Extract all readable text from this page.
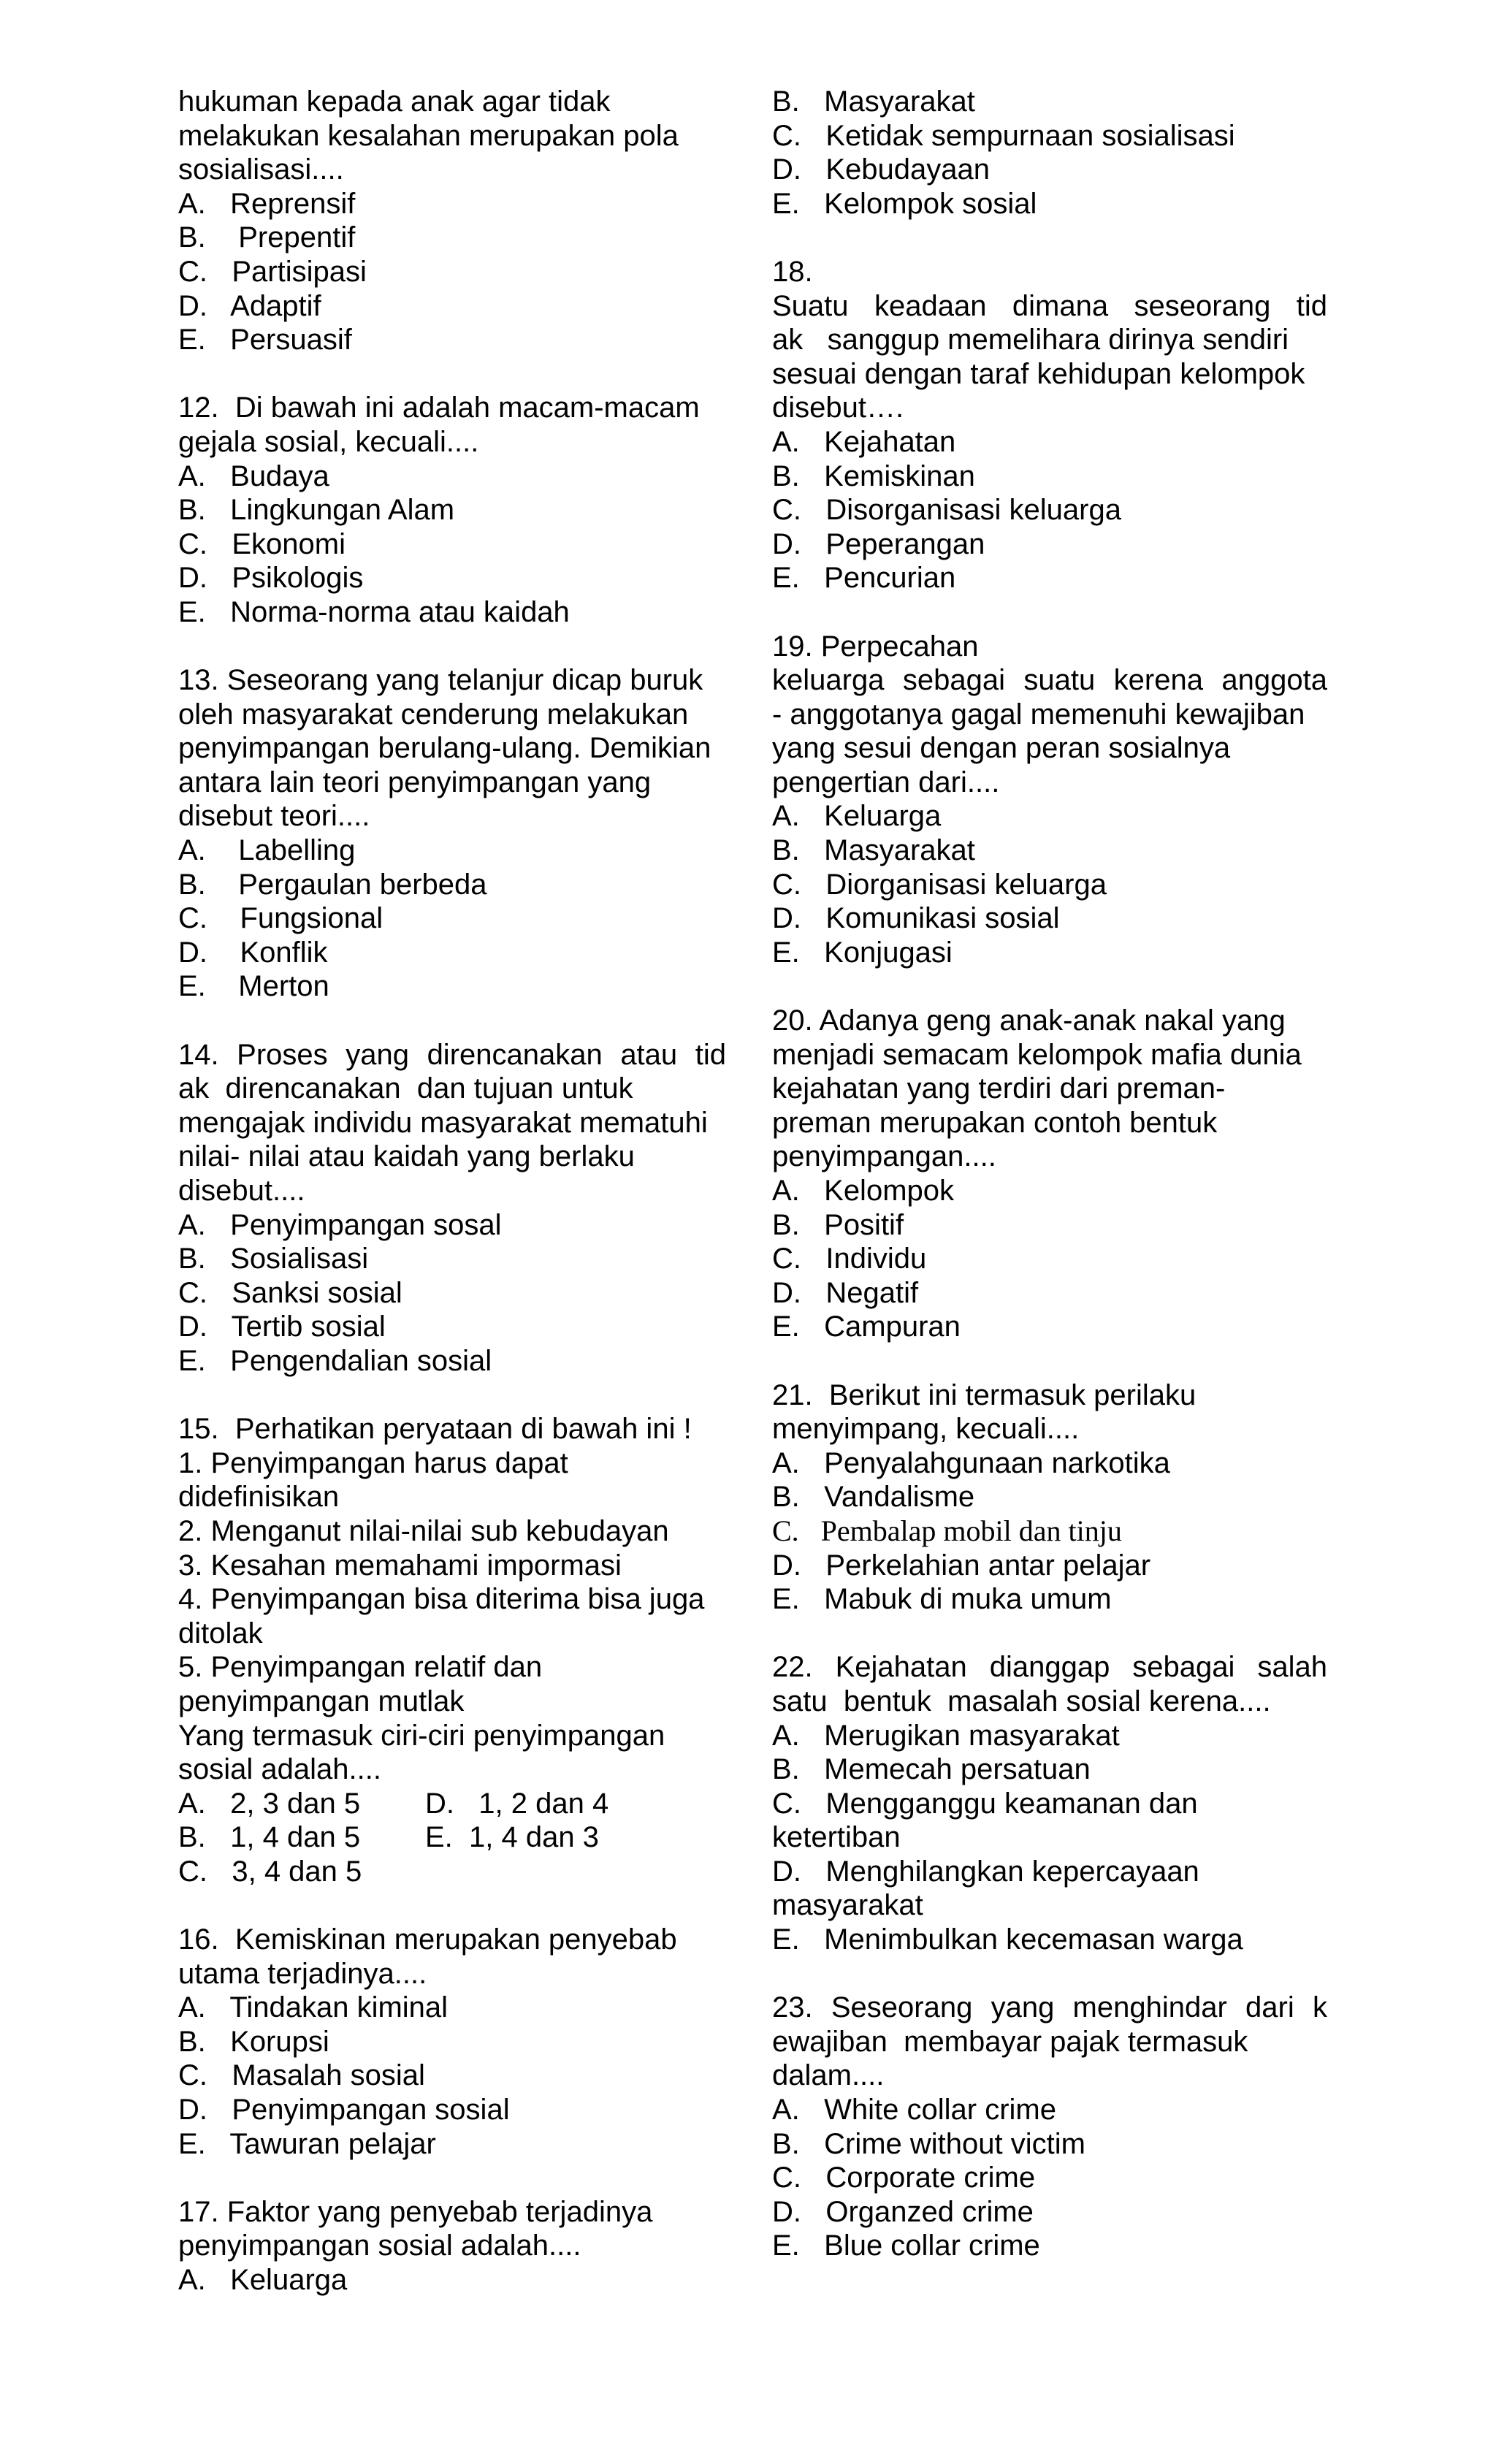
hukuman kepada anak agar tidak
melakukan kesalahan merupakan pola
sosialisasi....
A.   Reprensif
B.    Prepentif
C.   Partisipasi
D.   Adaptif
E.   Persuasif
12.  Di bawah ini adalah macam-macam
gejala sosial, kecuali....
A.   Budaya
B.   Lingkungan Alam
C.   Ekonomi
D.   Psikologis
E.   Norma-norma atau kaidah
13. Seseorang yang telanjur dicap buruk
oleh masyarakat cenderung melakukan
penyimpangan berulang-ulang. Demikian
antara lain teori penyimpangan yang
disebut teori....
A.    Labelling
B.    Pergaulan berbeda
C.    Fungsional
D.    Konflik
E.    Merton
14. Proses yang direncanakan atau tid
ak  direncanakan  dan tujuan untuk
mengajak individu masyarakat mematuhi
nilai- nilai atau kaidah yang berlaku
disebut....
A.   Penyimpangan sosal
B.   Sosialisasi
C.   Sanksi sosial
D.   Tertib sosial
E.   Pengendalian sosial
15.  Perhatikan peryataan di bawah ini !
1. Penyimpangan harus dapat
didefinisikan
2. Menganut nilai-nilai sub kebudayan
3. Kesahan memahami impormasi
4. Penyimpangan bisa diterima bisa juga
ditolak
5. Penyimpangan relatif dan
penyimpangan mutlak
Yang termasuk ciri-ciri penyimpangan
sosial adalah....
A.   2, 3 dan 5        D.   1, 2 dan 4
B.   1, 4 dan 5        E.  1, 4 dan 3
C.   3, 4 dan 5
16.  Kemiskinan merupakan penyebab
utama terjadinya....
A.   Tindakan kiminal
B.   Korupsi
C.   Masalah sosial
D.   Penyimpangan sosial
E.   Tawuran pelajar
17. Faktor yang penyebab terjadinya
penyimpangan sosial adalah....
A.   Keluarga
B.   Masyarakat
C.   Ketidak sempurnaan sosialisasi
D.   Kebudayaan
E.   Kelompok sosial
18.
Suatu keadaan dimana seseorang tid
ak   sanggup memelihara dirinya sendiri
sesuai dengan taraf kehidupan kelompok
disebut….
A.   Kejahatan
B.   Kemiskinan
C.   Disorganisasi keluarga
D.   Peperangan
E.   Pencurian
19. Perpecahan
keluarga sebagai suatu kerena anggota
- anggotanya gagal memenuhi kewajiban
yang sesui dengan peran sosialnya
pengertian dari....
A.   Keluarga
B.   Masyarakat
C.   Diorganisasi keluarga
D.   Komunikasi sosial
E.   Konjugasi
20. Adanya geng anak-anak nakal yang
menjadi semacam kelompok mafia dunia
kejahatan yang terdiri dari preman-
preman merupakan contoh bentuk
penyimpangan....
A.   Kelompok
B.   Positif
C.   Individu
D.   Negatif
E.   Campuran
21.  Berikut ini termasuk perilaku
menyimpang, kecuali....
A.   Penyalahgunaan narkotika
B.   Vandalisme
C.   Pembalap mobil dan tinju
D.   Perkelahian antar pelajar
E.   Mabuk di muka umum
22. Kejahatan dianggap sebagai salah
satu  bentuk  masalah sosial kerena....
A.   Merugikan masyarakat
B.   Memecah persatuan
C.   Mengganggu keamanan dan
ketertiban
D.   Menghilangkan kepercayaan
masyarakat
E.   Menimbulkan kecemasan warga
23. Seseorang yang menghindar dari k
ewajiban  membayar pajak termasuk
dalam....
A.   White collar crime
B.   Crime without victim
C.   Corporate crime
D.   Organzed crime
E.   Blue collar crime
